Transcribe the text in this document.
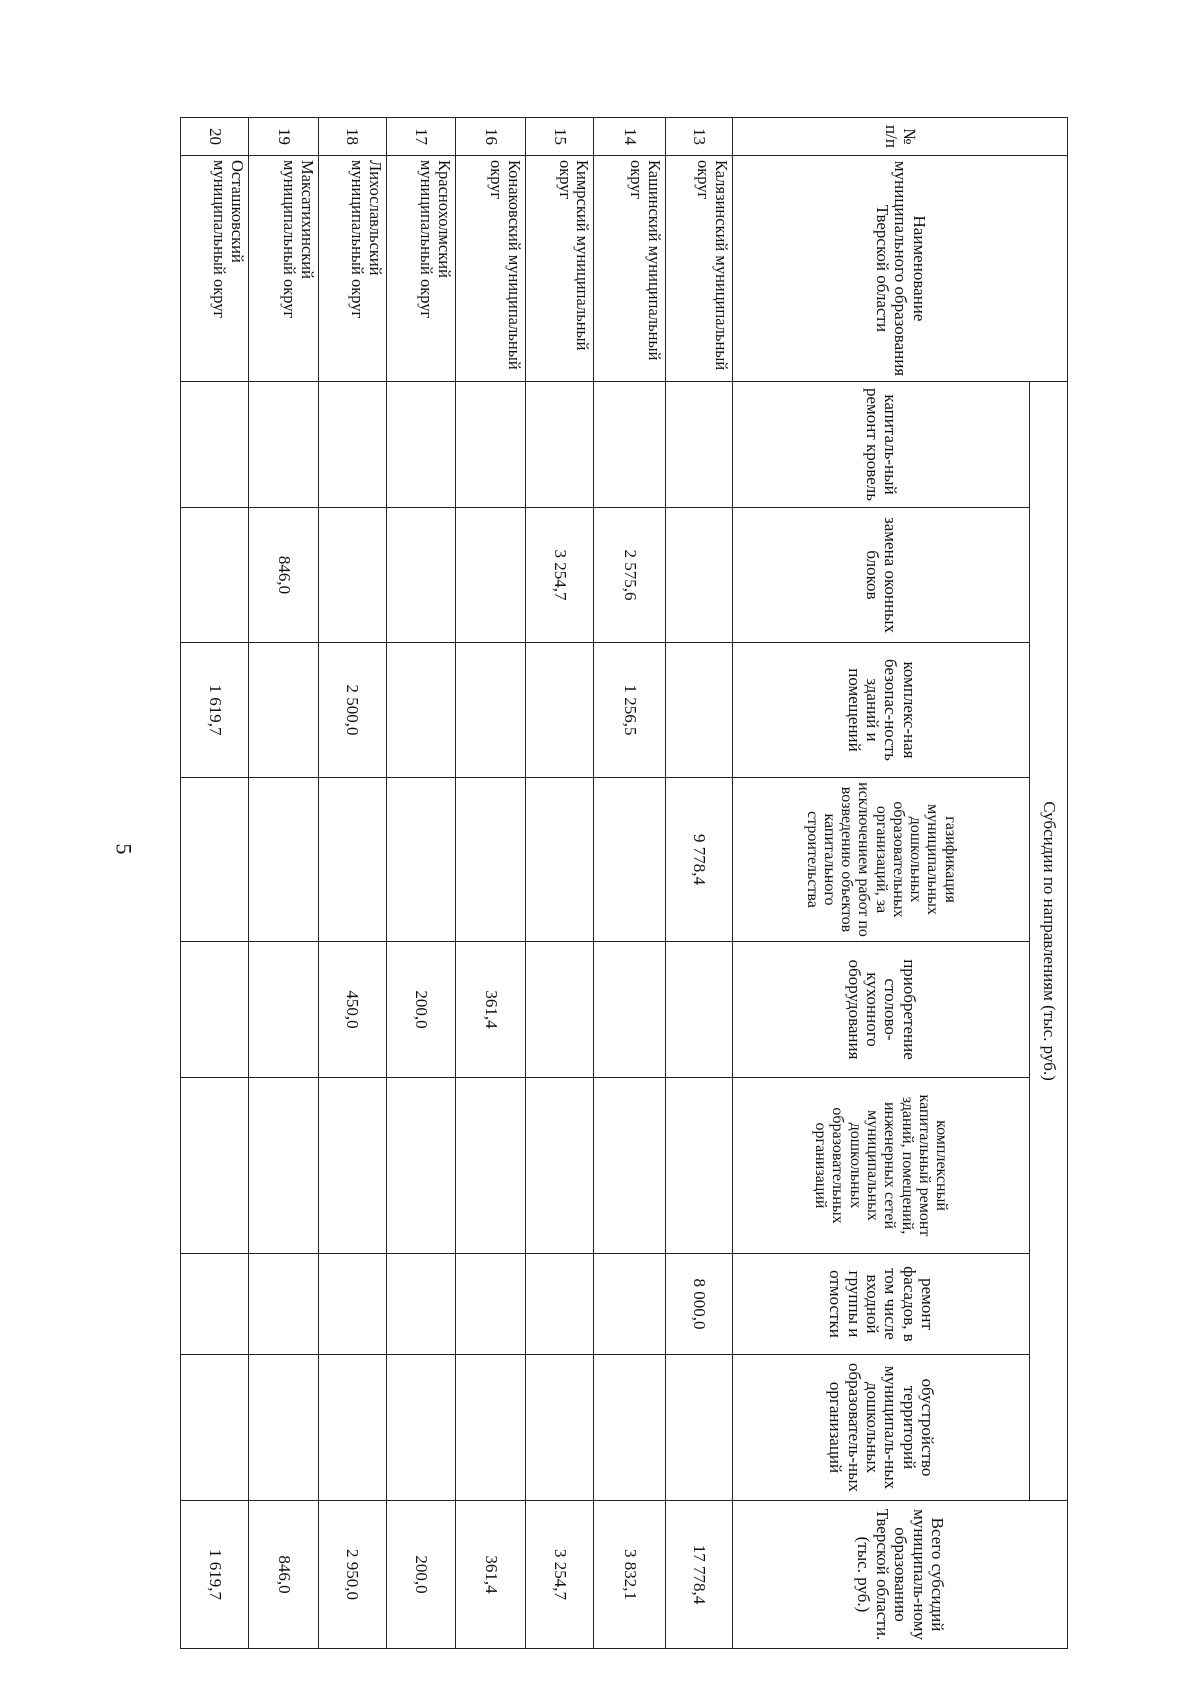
5
№ п/п	Наименование муниципального образования Тверской области	Субсидии по направлениям (тыс. руб.)								Всего субсидий муниципаль-ному образованию Тверской области. (тыс. руб.)
		капиталь-ный ремонт кровель	замена оконных блоков	комплекс-ная безопас-ность зданий и помещений	газификация муниципальных дошкольных образовательных организаций, за исключением работ по возведению объектов капитального строительства	приобретение столово-кухонного оборудования	комплексный капитальный ремонт зданий, помещений, инженерных сетей муниципальных дошкольных образовательных организаций	ремонт фасадов, в том числе входной группы и отмостки	обустройство территорий муниципаль-ных дошкольных образователь-ных организаций	
13	Калязинский муниципальный округ				9 778,4			8 000,0		17 778,4
14	Кашинский муниципальный округ		2 575,6	1 256,5						3 832,1
15	Кимрский муниципальный округ		3 254,7							3 254,7
16	Конаковский муниципальный округ					361,4				361,4
17	Краснохолмский муниципальный округ					200,0				200,0
18	Лихославльский муниципальный округ			2 500,0		450,0				2 950,0
19	Максатихинский муниципальный округ		846,0							846,0
20	Осташковский муниципальный округ			1 619,7						1 619,7
